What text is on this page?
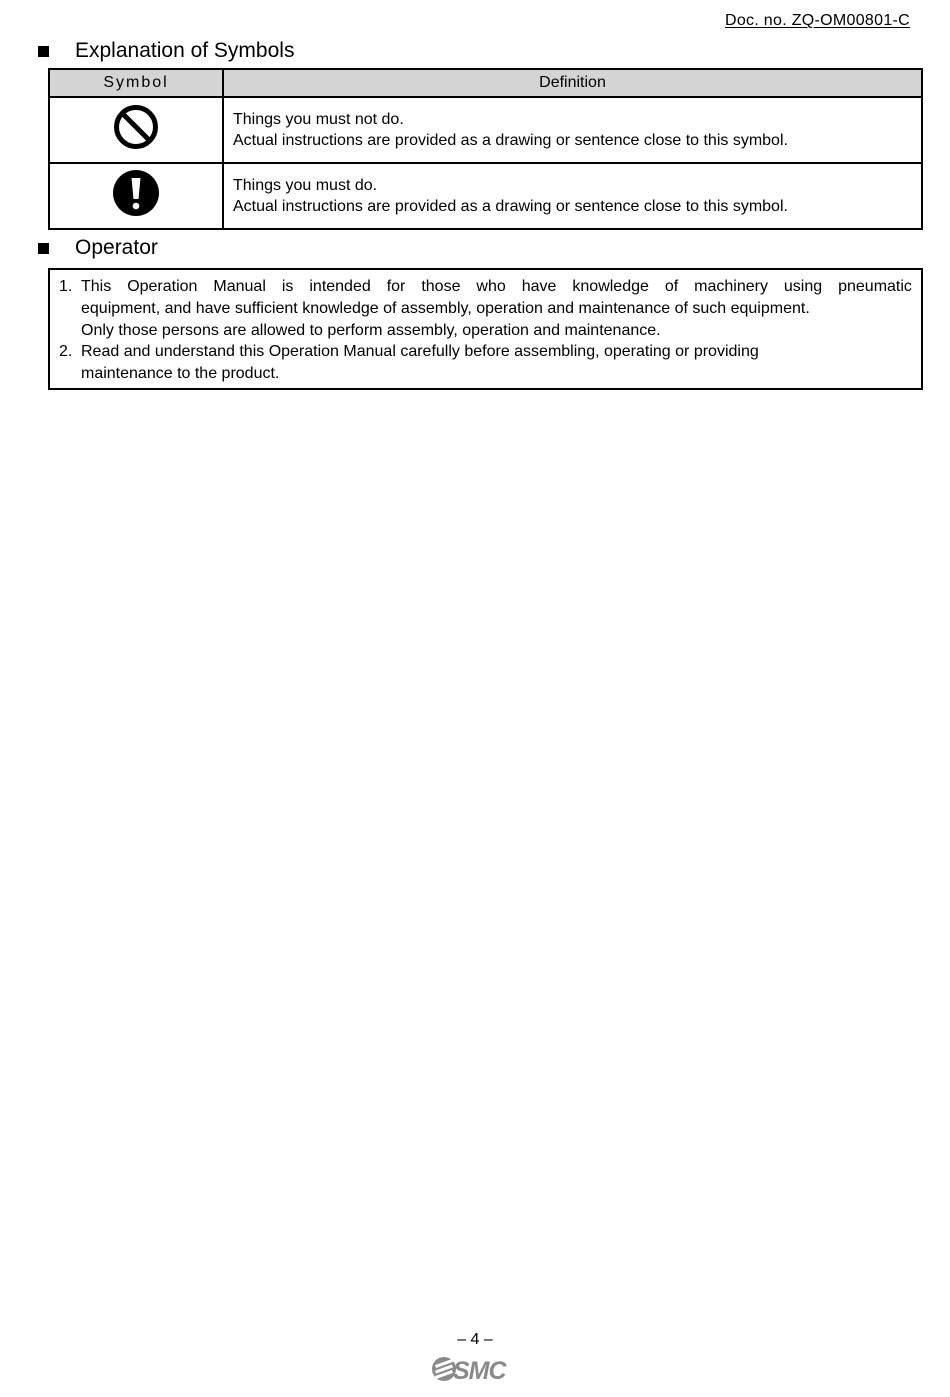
Doc. no. ZQ-OM00801-C
Explanation of Symbols
Symbol	Definition

Things you must not do.
Actual instructions are provided as a drawing or sentence close to this symbol.

Things you must do.
Actual instructions are provided as a drawing or sentence close to this symbol.
Operator
1. This Operation Manual is intended for those who have knowledge of machinery using pneumatic
equipment, and have sufficient knowledge of assembly, operation and maintenance of such equipment.
Only those persons are allowed to perform assembly, operation and maintenance.
2. Read and understand this Operation Manual carefully before assembling, operating or providing
maintenance to the product.
– 4 –
SMC
